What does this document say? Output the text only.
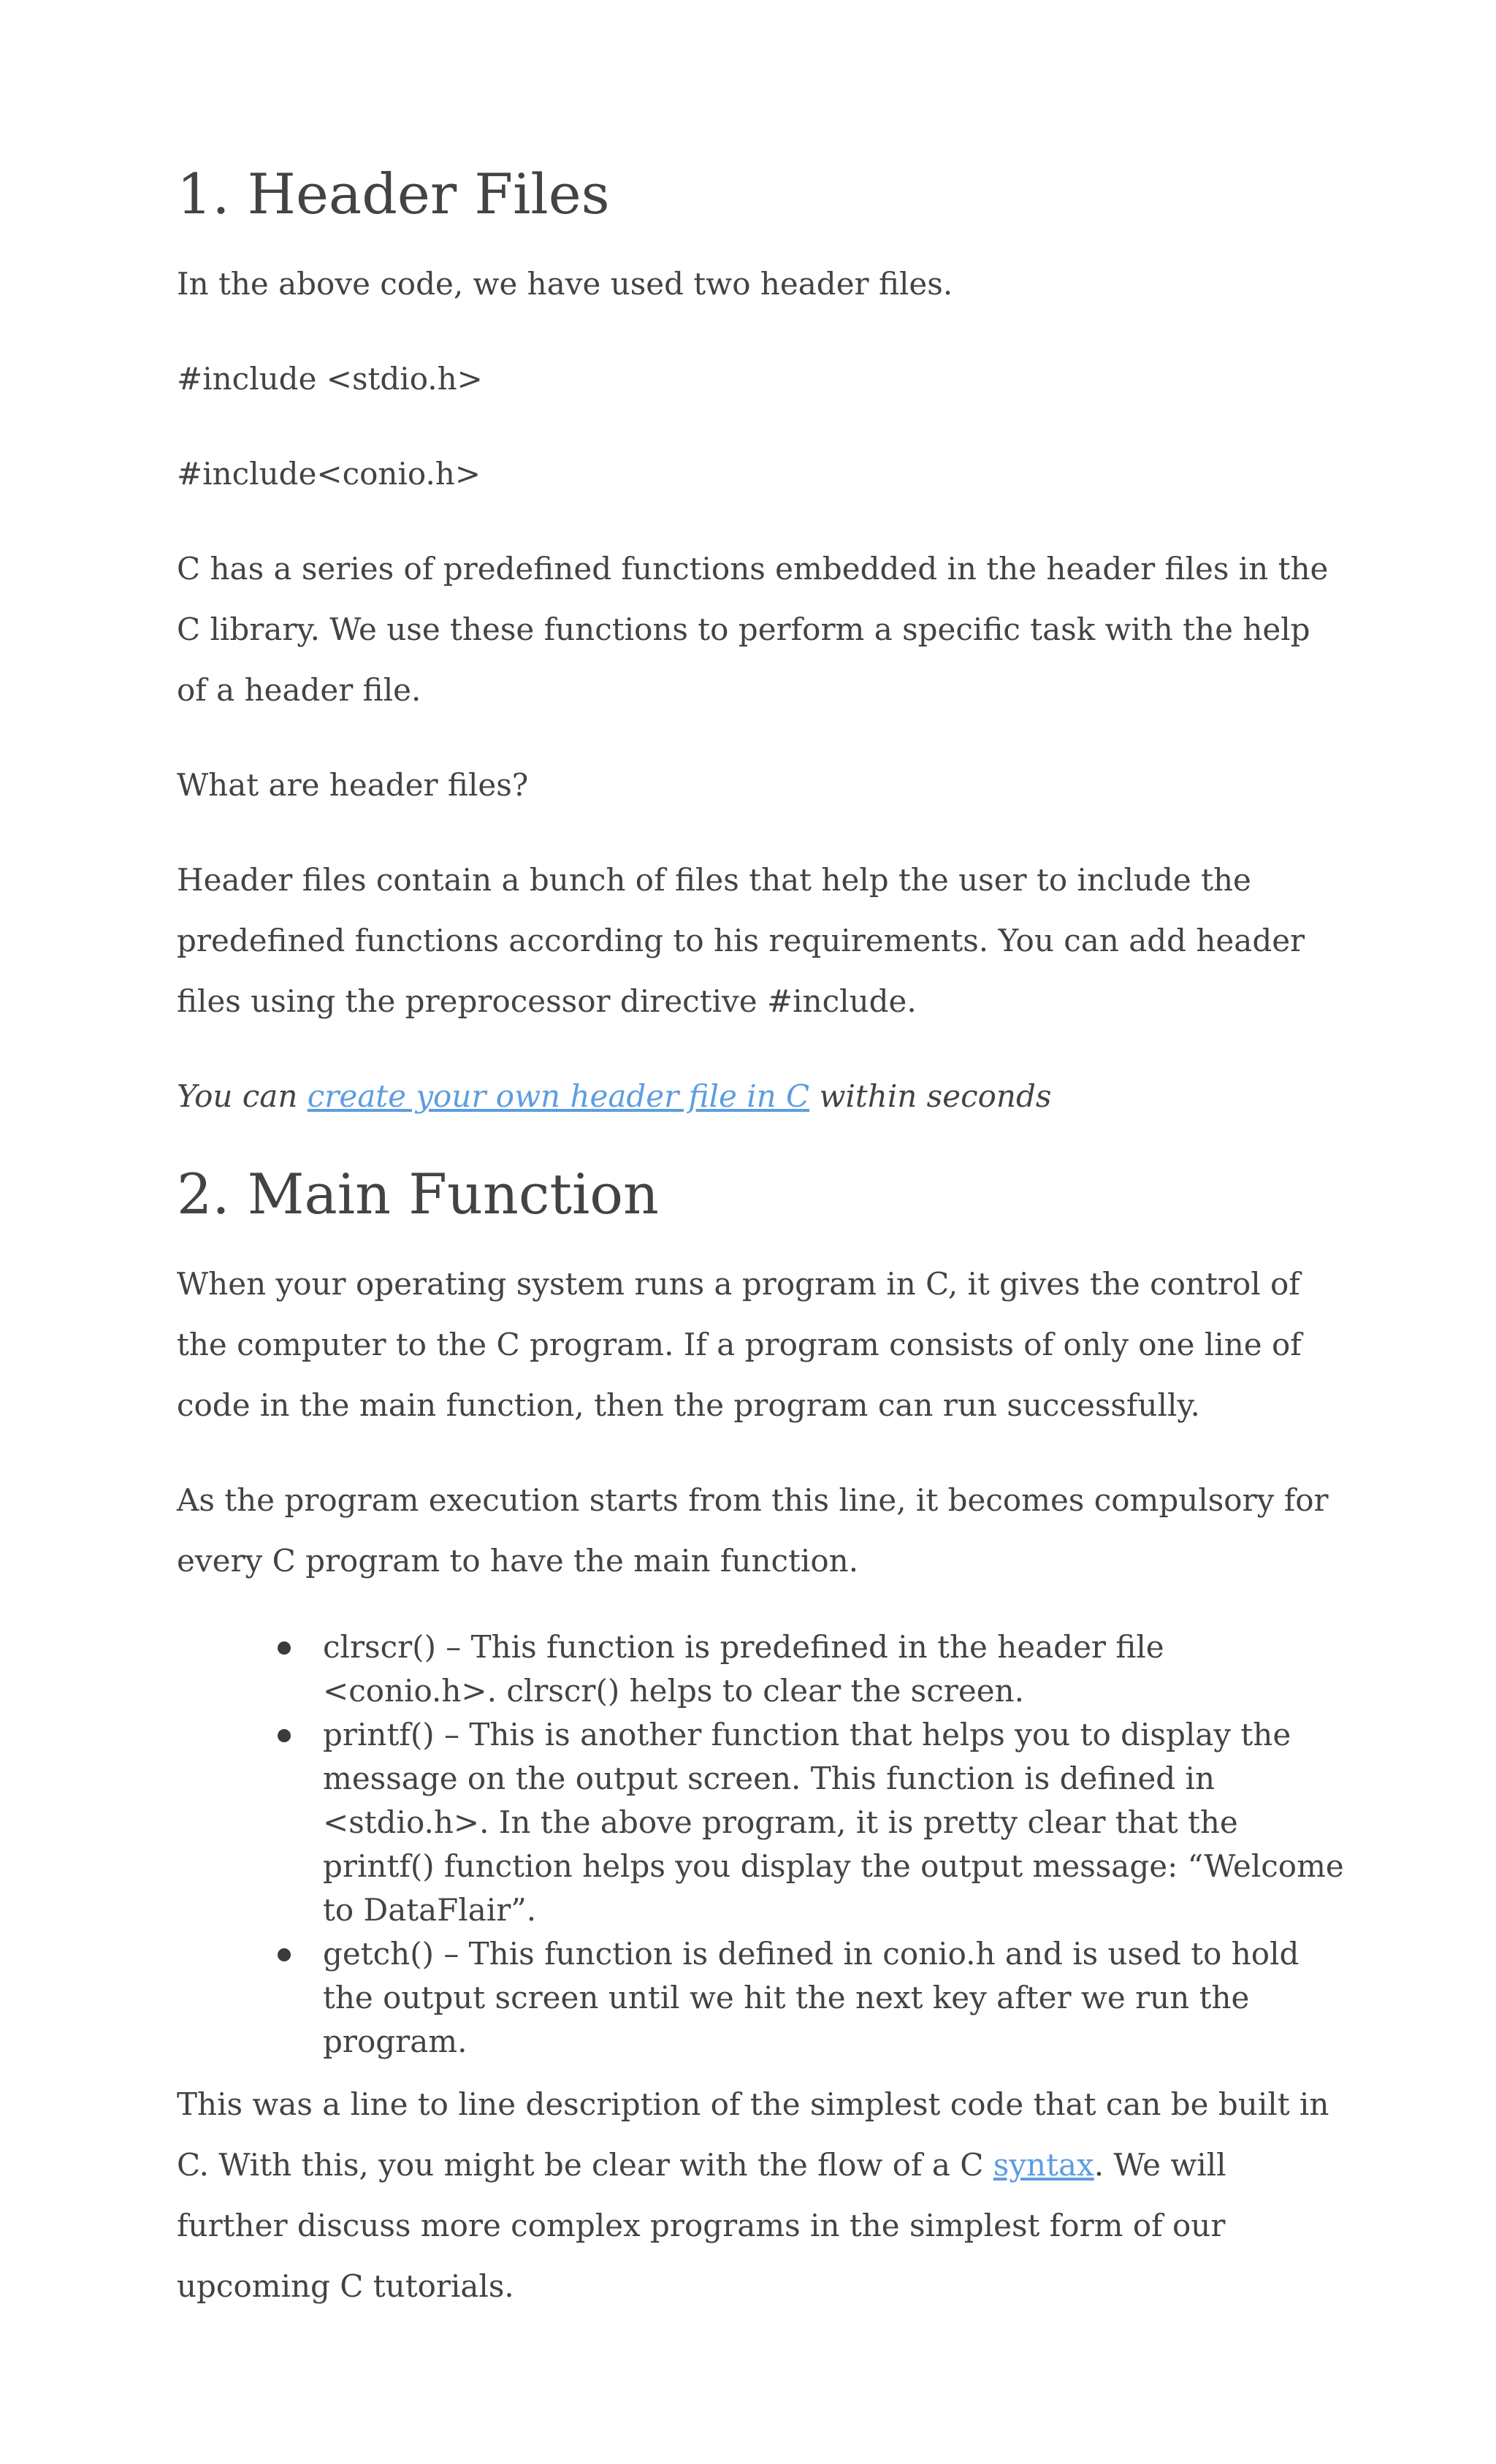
1. Header Files

In the above code, we have used two header files.

#include <stdio.h>

#include<conio.h>

C has a series of predefined functions embedded in the header files in the C library. We use these functions to perform a specific task with the help of a header file.

What are header files?

Header files contain a bunch of files that help the user to include the predefined functions according to his requirements. You can add header files using the preprocessor directive #include.

You can create your own header file in C within seconds

2. Main Function

When your operating system runs a program in C, it gives the control of the computer to the C program. If a program consists of only one line of code in the main function, then the program can run successfully.

As the program execution starts from this line, it becomes compulsory for every C program to have the main function.

clrscr() – This function is predefined in the header file <conio.h>. clrscr() helps to clear the screen.
printf() – This is another function that helps you to display the message on the output screen. This function is defined in <stdio.h>. In the above program, it is pretty clear that the printf() function helps you display the output message: “Welcome to DataFlair”.
getch() – This function is defined in conio.h and is used to hold the output screen until we hit the next key after we run the program.

This was a line to line description of the simplest code that can be built in C. With this, you might be clear with the flow of a C syntax. We will further discuss more complex programs in the simplest form of our upcoming C tutorials.
